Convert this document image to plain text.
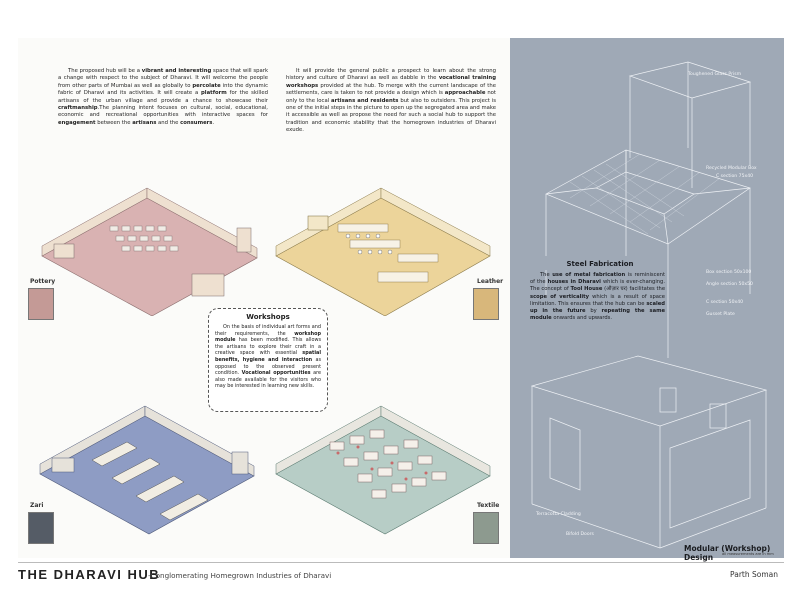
The proposed hub will be a vibrant and interesting space that will spark a change with respect to the subject of Dharavi. It will welcome the people from other parts of Mumbai as well as globally to percolate into the dynamic fabric of Dharavi and its activities. It will create a platform for the skilled artisans of the urban village and provide a chance to showcase their craftmanship.The planning intent focuses on cultural, social, educational, economic and recreational opportunities with interactive spaces for engagement between the artisans and the consumers.
It will provide the general public a prospect to learn about the strong history and culture of Dharavi as well as dabble in the vocational training workshops provided at the hub. To merge with the current landscape of the settlements, care is taken to not provide a design which is approachable not only to the local artisans and residents but also to outsiders. This project is one of the initial steps in the picture to open up the segregated area and make it accessible as well as propose the need for such a social hub to support the tradition and economic stability that the homegrown industries of Dharavi exude.
Pottery	Leather
Workshops

On the basis of individual art forms and their requirements, the workshop module has been modified. This allows the artisans to explore their craft in a creative space with essential spatial benefits, hygiene and interaction as opposed to the observed present condition. Vocational opportunities are also made available for the visitors who may be interested in learning new skills.

Zari	Textile
Toughened Glass Prism
Recycled Modular Box
C section 75x40
Box section 50x100
Angle section 50x50
C section 50x40
Gusset Plate
Terracotta Cladding
Bifold Doors
Steel Fabrication
The use of metal fabrication is reminiscent of the houses in Dharavi which is ever-changing. The concept of Tool House (औज़ार घर) facilitates the scope of verticality which is a result of space limitation. This ensures that the hub can be scaled up in the future by repeating the same module onwards and upwards.
Modular (Workshop) Design	all measurements are in mm
THE DHARAVI HUB
-Conglomerating Homegrown Industries of Dharavi	Parth Soman
